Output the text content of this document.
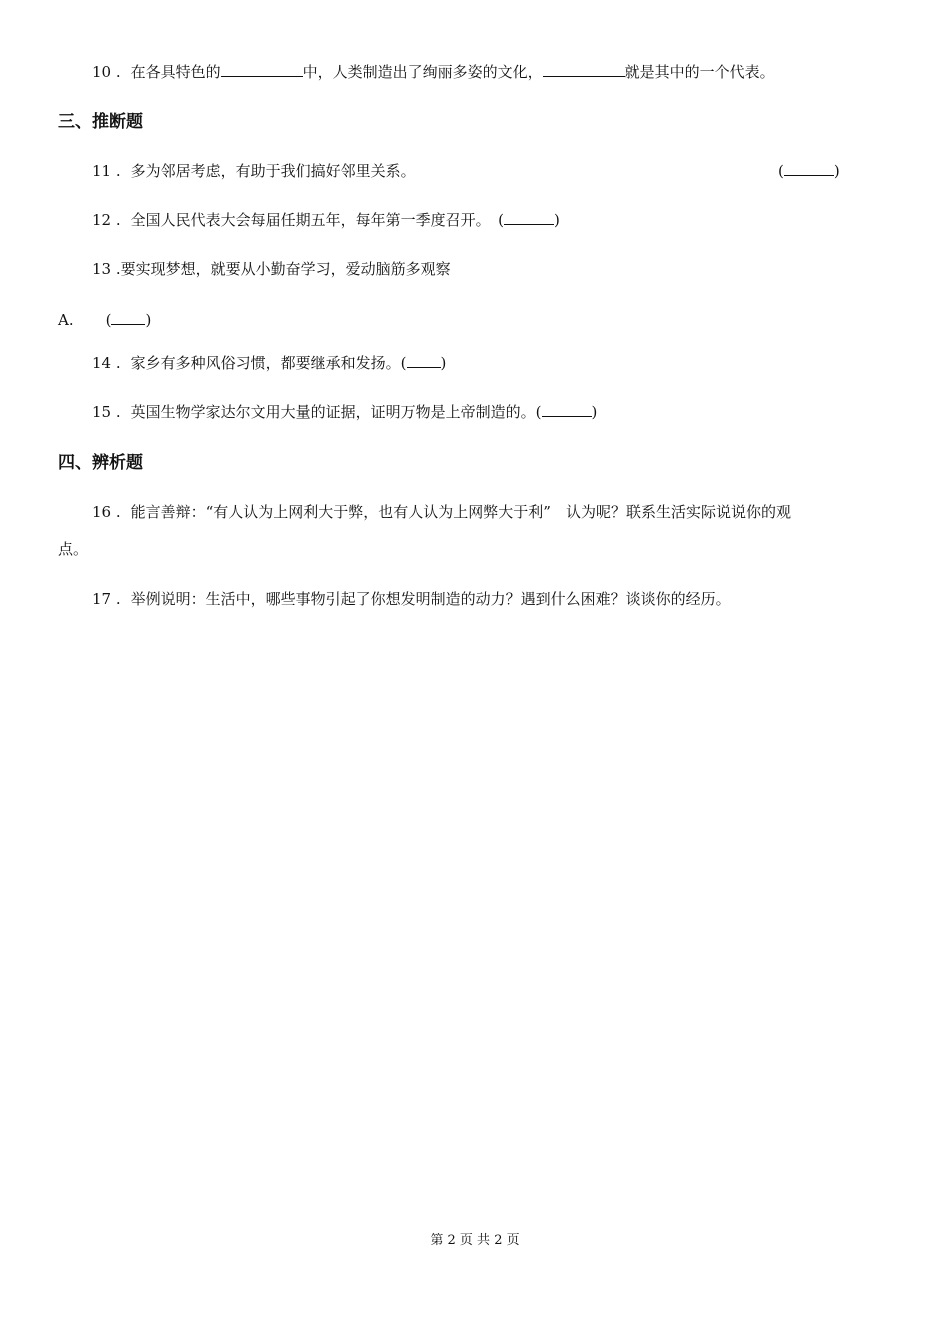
10 . 在各具特色的	中，人类制造出了绚丽多姿的文化，	就是其中的一个代表。
三、推断题
11 . 多为邻居考虑，有助于我们搞好邻里关系。	(	)
12 . 全国人民代表大会每届任期五年，每年第一季度召开。　 (	)
13 .要实现梦想，就要从小勤奋学习，爱动脑筋多观察
A. ( )
14 . 家乡有多种风俗习惯，都要继承和发扬。( )
15 . 英国生物学家达尔文用大量的证据，证明万物是上帝制造的。(	)
四、辨析题
16 . 能言善辩：“有人认为上网利大于弊，也有人认为上网弊大于利”　认为呢？联系生活实际说说你的观
点。
17 . 举例说明：生活中，哪些事物引起了你想发明制造的动力？遇到什么困难？谈谈你的经历。
第 2 页 共 2 页
